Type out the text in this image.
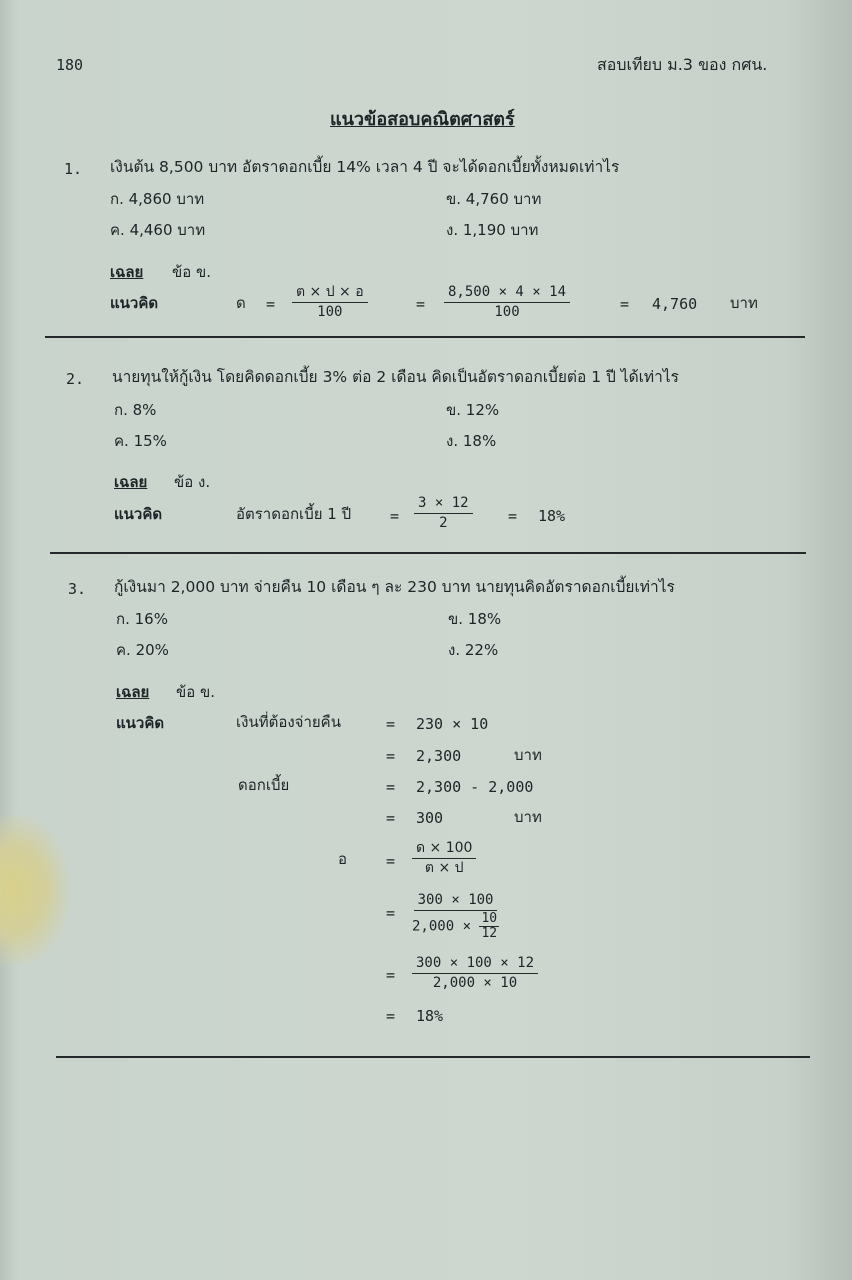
180	สอบเทียบ ม.3 ของ กศน.
แนวข้อสอบคณิตศาสตร์
1. เงินต้น 8,500 บาท อัตราดอกเบี้ย 14% เวลา 4 ปี จะได้ดอกเบี้ยทั้งหมดเท่าไร
ก. 4,860 บาท	ข. 4,760 บาท
ค. 4,460 บาท	ง. 1,190 บาท
เฉลย ข้อ ข.
แนวคิด	ด =
ต × ป × อ
100	= $\frac{8,500 \times 4 \times 14}{100}$	= 4,760 บาท
2. นายทุนให้กู้เงิน โดยคิดดอกเบี้ย 3% ต่อ 2 เดือน คิดเป็นอัตราดอกเบี้ยต่อ 1 ปี ได้เท่าไร
ก. 8%	ข. 12%
ค. 15%	ง. 18%
เฉลย ข้อ ง.
แนวคิด	อัตราดอกเบี้ย 1 ปี	= $\frac{3 \times 12}{2} = 18\%$
3. กู้เงินมา 2,000 บาท จ่ายคืน 10 เดือน ๆ ละ 230 บาท นายทุนคิดอัตราดอกเบี้ยเท่าไร
ก. 16%	ข. 18%
ค. 20%	ง. 22%
เฉลย ข้อ ข.
แนวคิด	เงินที่ต้องจ่ายคืน	= 230 × 10
= 2,300	บาท
ดอกเบี้ย	= 2,300 - 2,000
= 300	บาท
อ	=
ด × 100
ต × ป
= $\frac{300 \times 100}{2,000 \times \frac{10}{12}}$
= $\frac{300 \times 100 \times 12}{2,000 \times 10}$
= 18%
